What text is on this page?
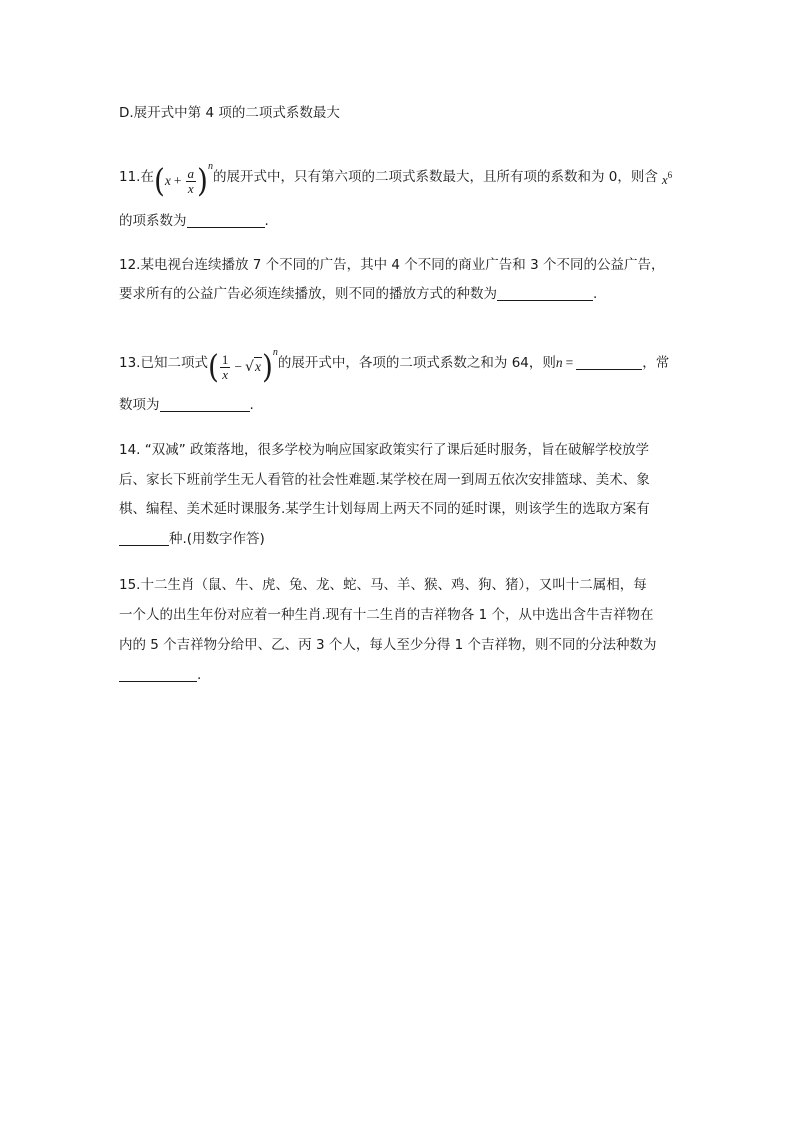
D.展开式中第 4 项的二项式系数最大
11.在$(x + \frac{a}{x} )^n$的展开式中，只有第六项的二项式系数最大，且所有项的系数和为 0，则含 $x^6$
的项系数为	.
12.某电视台连续播放 7 个不同的广告，其中 4 个不同的商业广告和 3 个不同的公益广告，
要求所有的公益广告必须连续播放，则不同的播放方式的种数为	.
13.已知二项式( $\frac{1}{x} - √x)^n$的展开式中，各项的二项式系数之和为 64，则n =	，常
数项为	.
14. “双减” 政策落地，很多学校为响应国家政策实行了课后延时服务，旨在破解学校放学
后、家长下班前学生无人看管的社会性难题.某学校在周一到周五依次安排篮球、美术、象
棋、编程、美术延时课服务.某学生计划每周上两天不同的延时课，则该学生的选取方案有
种.(用数字作答)
15.十二生肖（鼠、牛、虎、兔、龙、蛇、马、羊、猴、鸡、狗、猪），又叫十二属相，每
一个人的出生年份对应着一种生肖.现有十二生肖的吉祥物各 1 个，从中选出含牛吉祥物在
内的 5 个吉祥物分给甲、乙、丙 3 个人，每人至少分得 1 个吉祥物，则不同的分法种数为
.
